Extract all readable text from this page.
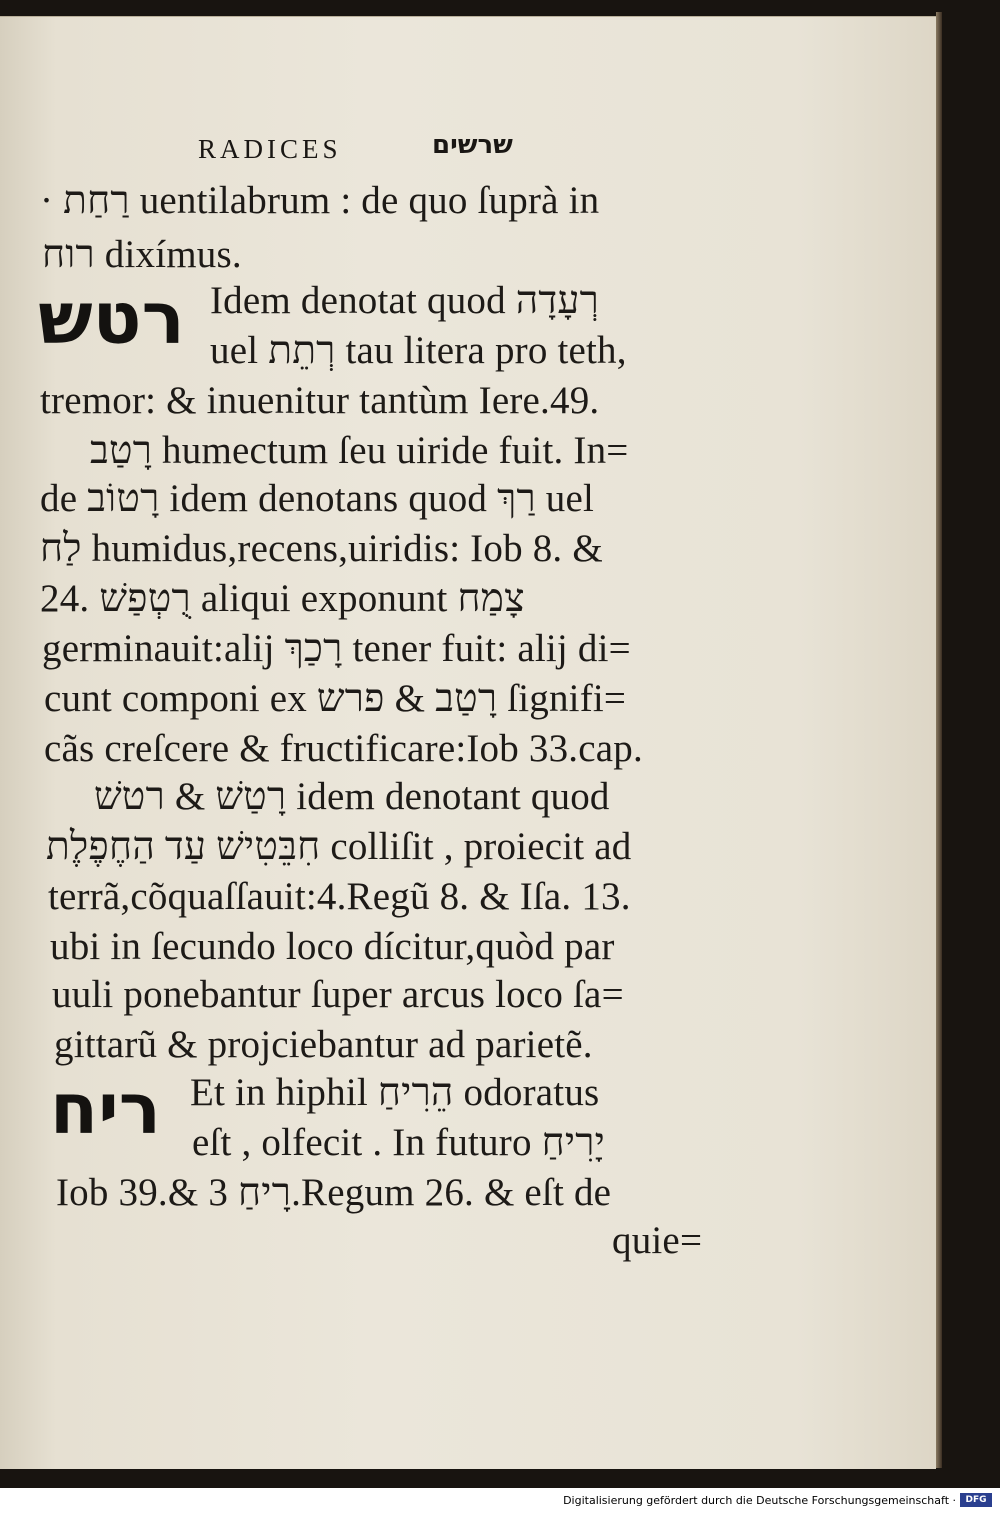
RADICES	שרשים
רטש
ריח
· רַחַת uentilabrum : de quo ſuprà in
רוח dixímus.
Idem denotat quod רְעָדָה
uel רְתֵת tau litera pro teth,
tremor: & inuenitur tantùm Iere.49.
רָטַב humectum ſeu uiride fuit. In=
de רָטוֹב idem denotans quod רַךְ uel
לַח humidus,recens,uiridis: Iob 8. &
24. רֻטְפַשׁ aliqui exponunt צָמַח
germinauit:alij רָכַךְ tener fuit: alij di=
cunt componi ex רָטַב & פרש ſignifi=
cãs creſcere & fructificare:Iob 33.cap.
רָטַשׁ & רטשׁ idem denotant quod
חִבֵּטִישׁ עַד הַחֶפֶלֶת colliſit , proiecit ad
terrã,cõquaſſauit:4.Regũ 8. & Iſa. 13.
ubi in ſecundo loco dícitur,quòd par
uuli ponebantur ſuper arcus loco ſa=
gittarũ & projciebantur ad parietẽ.
Et in hiphil הֵרִיחַ odoratus
eſt , olfecit . In futuro יָרִיחַ
Iob 39.& רָיחַ 3.Regum 26. & eſt de
quie=
Digitalisierung gefördert durch die Deutsche Forschungsgemeinschaft ·	DFG
